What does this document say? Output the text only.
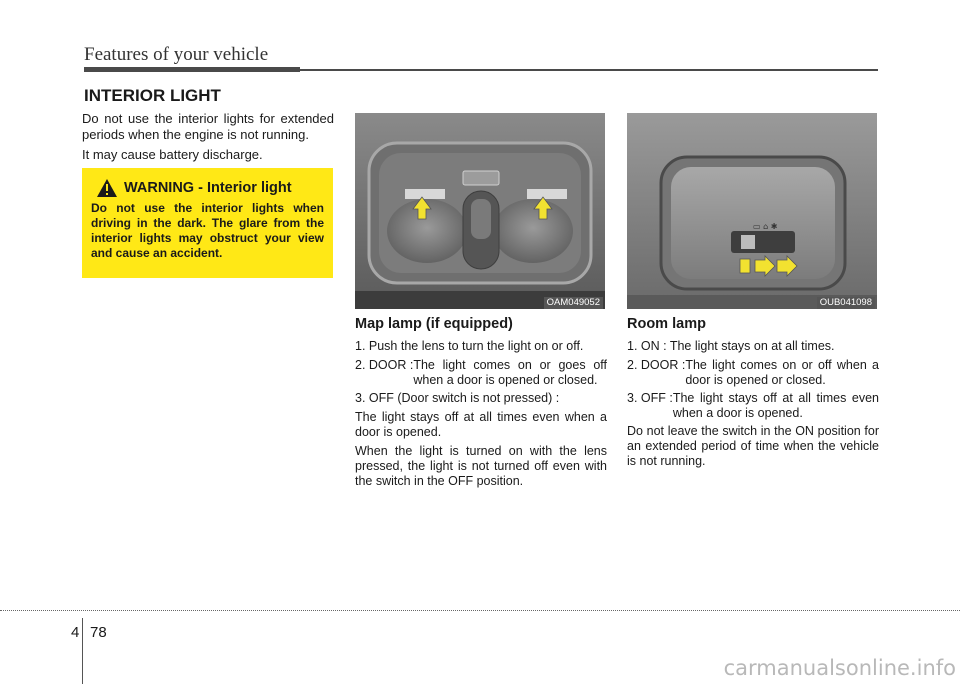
Features of your vehicle
INTERIOR LIGHT

Do not use the interior lights for extended periods when the engine is not running.

It may cause battery discharge.

WARNING - Interior light
Do not use the interior lights when driving in the dark. The glare from the interior lights may obstruct your view and cause an accident.
OAM049052
▭ ⌂ ✱
OUB041098
Map lamp (if equipped)

1. Push the lens to turn the light on or off.

2. DOOR : The light comes on or goes off when a door is opened or closed.

3. OFF (Door switch is not pressed) :

The light stays off at all times even when a door is opened.

When the light is turned on with the lens pressed, the light is not turned off even with the switch in the OFF position.

Room lamp

1. ON : The light stays on at all times.

2. DOOR : The light comes on or off when a door is opened or closed.
3. OFF : The light stays off at all times even when a door is opened.

Do not leave the switch in the ON position for an extended period of time when the vehicle is not running.

4 78
carmanualsonline.info
